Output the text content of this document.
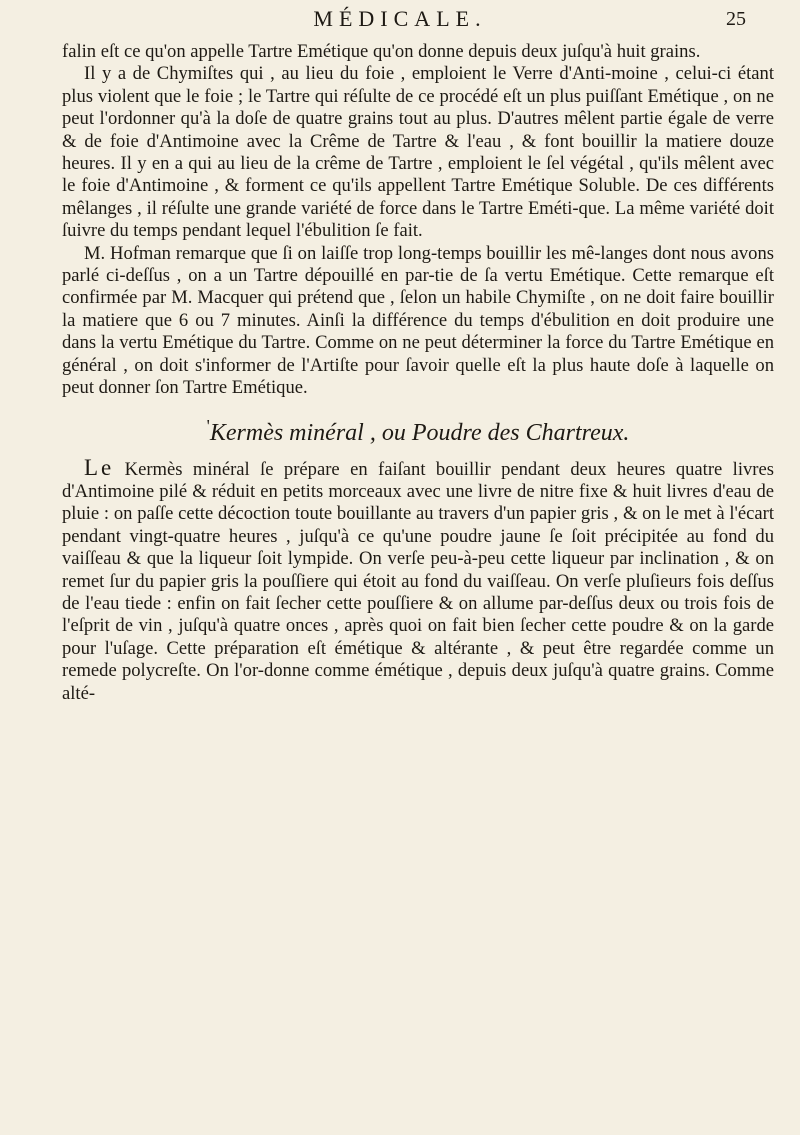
MÉDICALE.	25

falin eſt ce qu'on appelle Tartre Emétique qu'on donne depuis deux juſqu'à huit grains.

Il y a de Chymiſtes qui , au lieu du foie , emploient le Verre d'Anti-moine , celui-ci étant plus violent que le foie ; le Tartre qui réſulte de ce procédé eſt un plus puiſſant Emétique , on ne peut l'ordonner qu'à la doſe de quatre grains tout au plus. D'autres mêlent partie égale de verre & de foie d'Antimoine avec la Crême de Tartre & l'eau , & font bouillir la matiere douze heures. Il y en a qui au lieu de la crême de Tartre , emploient le ſel végétal , qu'ils mêlent avec le foie d'Antimoine , & forment ce qu'ils appellent Tartre Emétique Soluble. De ces différents mêlanges , il réſulte une grande variété de force dans le Tartre Eméti-que. La même variété doit ſuivre du temps pendant lequel l'ébulition ſe fait.

M. Hofman remarque que ſi on laiſſe trop long-temps bouillir les mê-langes dont nous avons parlé ci-deſſus , on a un Tartre dépouillé en par-tie de ſa vertu Emétique. Cette remarque eſt confirmée par M. Macquer qui prétend que , ſelon un habile Chymiſte , on ne doit faire bouillir la matiere que 6 ou 7 minutes. Ainſi la différence du temps d'ébulition en doit produire une dans la vertu Emétique du Tartre. Comme on ne peut déterminer la force du Tartre Emétique en général , on doit s'informer de l'Artiſte pour ſavoir quelle eſt la plus haute doſe à laquelle on peut donner ſon Tartre Emétique.

'Kermès minéral , ou Poudre des Chartreux.

Le Kermès minéral ſe prépare en faiſant bouillir pendant deux heures quatre livres d'Antimoine pilé & réduit en petits morceaux avec une livre de nitre fixe & huit livres d'eau de pluie : on paſſe cette décoction toute bouillante au travers d'un papier gris , & on le met à l'écart pendant vingt-quatre heures , juſqu'à ce qu'une poudre jaune ſe ſoit précipitée au fond du vaiſſeau & que la liqueur ſoit lympide. On verſe peu-à-peu cette liqueur par inclination , & on remet ſur du papier gris la pouſſiere qui étoit au fond du vaiſſeau. On verſe pluſieurs fois deſſus de l'eau tiede : enfin on fait ſecher cette pouſſiere & on allume par-deſſus deux ou trois fois de l'eſprit de vin , juſqu'à quatre onces , après quoi on fait bien ſecher cette poudre & on la garde pour l'uſage. Cette préparation eſt émétique & altérante , & peut être regardée comme un remede polycreſte. On l'or-donne comme émétique , depuis deux juſqu'à quatre grains. Comme alté-
